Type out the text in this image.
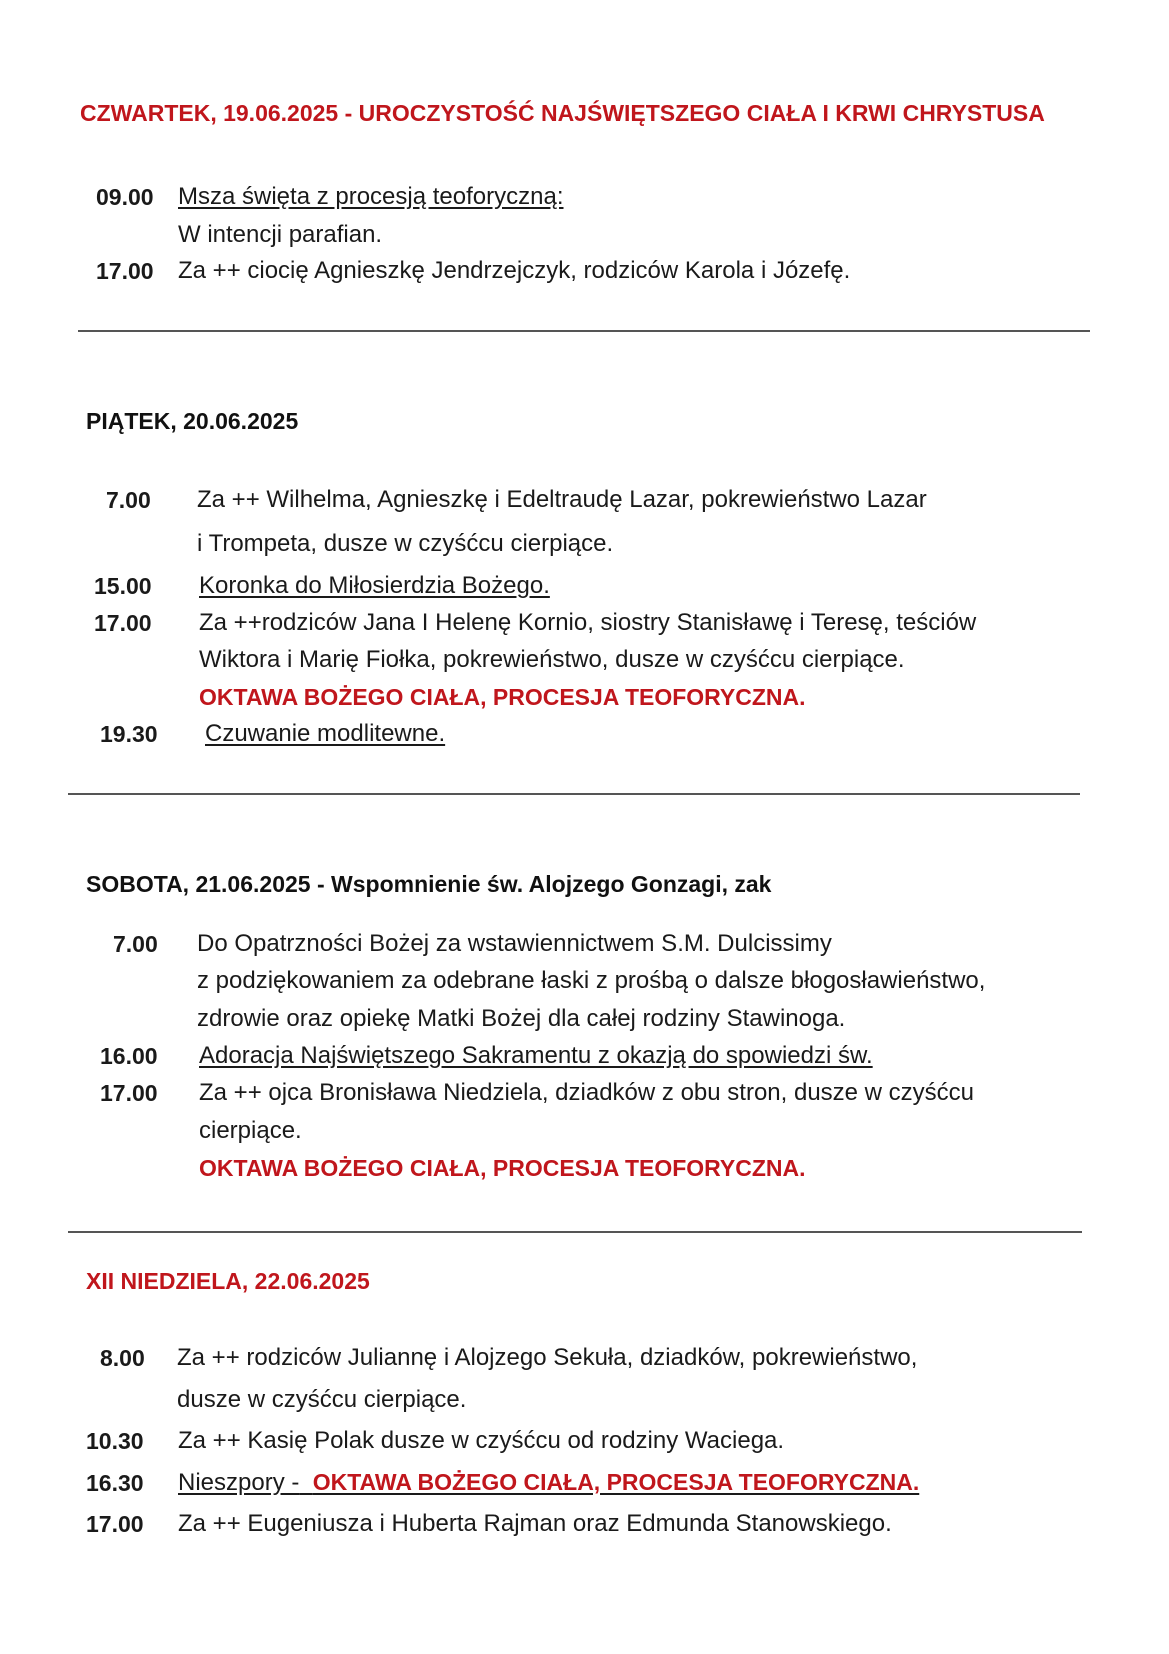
CZWARTEK, 19.06.2025 - UROCZYSTOŚĆ NAJŚWIĘTSZEGO CIAŁA I KRWI CHRYSTUSA
09.00 Msza święta z procesją teoforyczną:
W intencji parafian.
17.00 Za ++ ciocię Agnieszkę Jendrzejczyk, rodziców Karola i Józefę.
PIĄTEK, 20.06.2025
7.00 Za ++ Wilhelma, Agnieszkę i Edeltraudę Lazar, pokrewieństwo Lazar
i Trompeta, dusze w czyśćcu cierpiące.
15.00 Koronka do Miłosierdzia Bożego.
17.00 Za ++rodziców Jana I Helenę Kornio, siostry Stanisławę i Teresę, teściów
Wiktora i Marię Fiołka, pokrewieństwo, dusze w czyśćcu cierpiące.
OKTAWA BOŻEGO CIAŁA, PROCESJA TEOFORYCZNA.
19.30 Czuwanie modlitewne.
SOBOTA, 21.06.2025 - Wspomnienie św. Alojzego Gonzagi, zak
7.00 Do Opatrzności Bożej za wstawiennictwem S.M. Dulcissimy
z podziękowaniem za odebrane łaski z prośbą o dalsze błogosławieństwo,
zdrowie oraz opiekę Matki Bożej dla całej rodziny Stawinoga.
16.00 Adoracja Najświętszego Sakramentu z okazją do spowiedzi św.
17.00 Za ++ ojca Bronisława Niedziela, dziadków z obu stron, dusze w czyśćcu
cierpiące.
OKTAWA BOŻEGO CIAŁA, PROCESJA TEOFORYCZNA.
XII NIEDZIELA, 22.06.2025
8.00 Za ++ rodziców Juliannę i Alojzego Sekuła, dziadków, pokrewieństwo,
dusze w czyśćcu cierpiące.
10.30 Za ++ Kasię Polak dusze w czyśćcu od rodziny Waciega.
16.30 Nieszpory - OKTAWA BOŻEGO CIAŁA, PROCESJA TEOFORYCZNA.
17.00 Za ++ Eugeniusza i Huberta Rajman oraz Edmunda Stanowskiego.
